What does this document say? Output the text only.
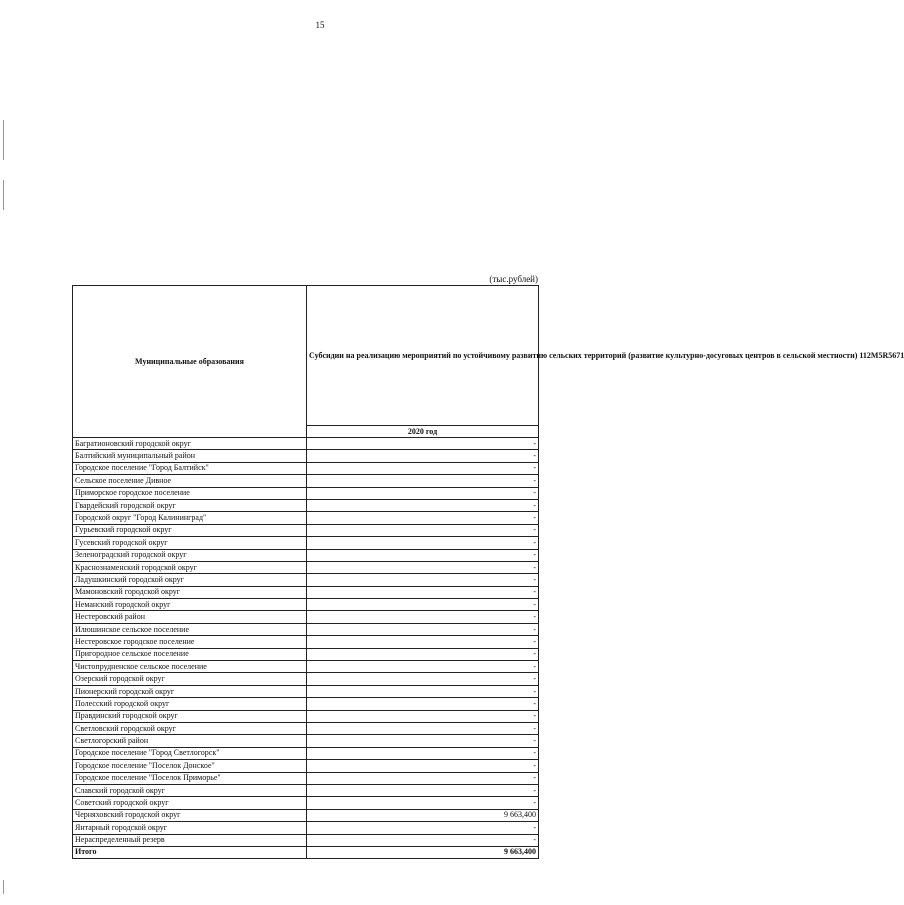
15
(тыс.рублей)
Муниципальные образования	Субсидии на реализацию мероприятий по устойчивому развитию сельских территорий (развитие культурно-досуговых центров в сельской местности) 112M5R5671
	2020 год
Багратионовский городской округ	-
Балтийский муниципальный район	-
Городское поселение "Город Балтийск"	-
Сельское поселение Дивное	-
Приморское городское поселение	-
Гвардейский городской округ	-
Городской округ "Город Калининград"	-
Гурьевский городской округ	-
Гусевский городской округ	-
Зеленоградский городской округ	-
Краснознаменский городской округ	-
Ладушкинский городской округ	-
Мамоновский городской округ	-
Неманский городской округ	-
Нестеровский район	-
Илюшинское сельское поселение	-
Нестеровское городское поселение	-
Пригородное сельское поселение	-
Чистопрудненское сельское поселение	-
Озерский городской округ	-
Пионерский городской округ	-
Полесский городской округ	-
Правдинский городской округ	-
Светловский городской округ	-
Светлогорский район	-
Городское поселение "Город Светлогорск"	-
Городское поселение "Поселок Донское"	-
Городское поселение "Поселок Приморье"	-
Славский городской округ	-
Советский городской округ	-
Черняховский городской округ	9 663,400
Янтарный городской округ	-
Нераспределенный резерв	-
Итого	9 663,400
